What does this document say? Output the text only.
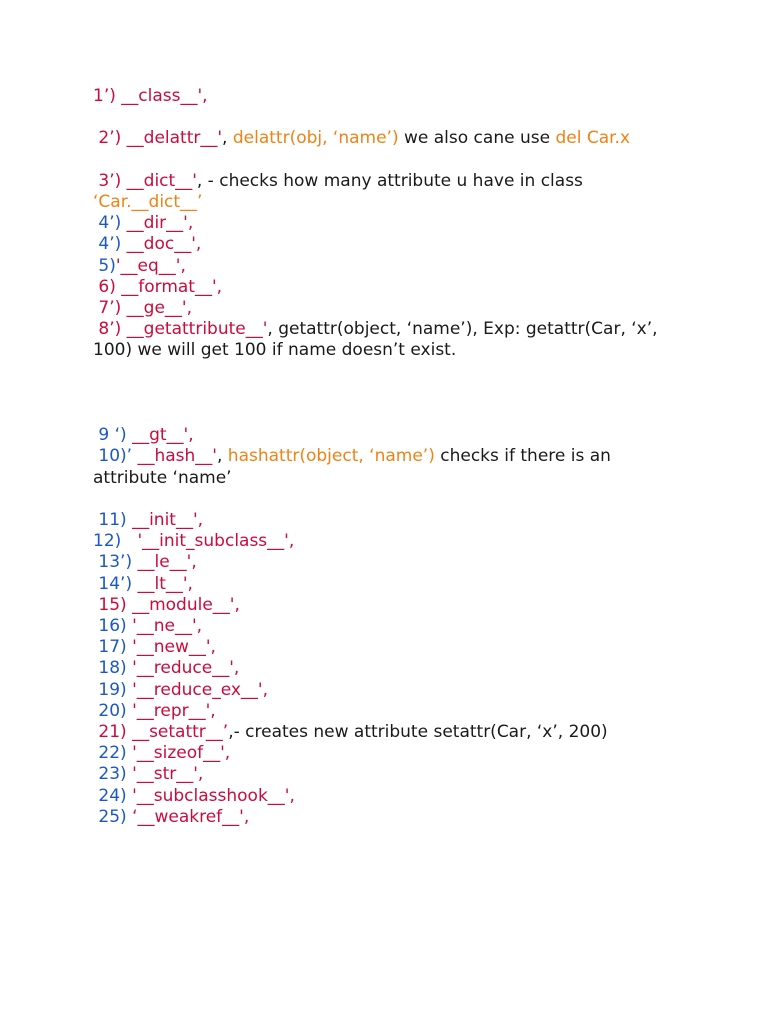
1’) __class__',
2’) __delattr__', delattr(obj, ‘name’) we also cane use del Car.x
3’) __dict__', - checks how many attribute u have in class ‘Car.__dict__’
4’) __dir__',
4’) __doc__',
5)'__eq__',
6) __format__',
7’) __ge__',
8’) __getattribute__', getattr(object, ‘name’), Exp: getattr(Car, ‘x’, 100) we will get 100 if name doesn’t exist.
9 ‘) __gt__',
10)’ __hash__', hashattr(object, ‘name’) checks if there is an attribute ‘name’
11) __init__',
12)   '__init_subclass__',
13’) __le__',
14’) __lt__',
15) __module__',
16) '__ne__',
17) '__new__',
18) '__reduce__',
19) '__reduce_ex__',
20) '__repr__',
21) __setattr__’,- creates new attribute setattr(Car, ‘x’, 200)
22) '__sizeof__',
23) '__str__',
24) '__subclasshook__',
25) ‘__weakref__',
